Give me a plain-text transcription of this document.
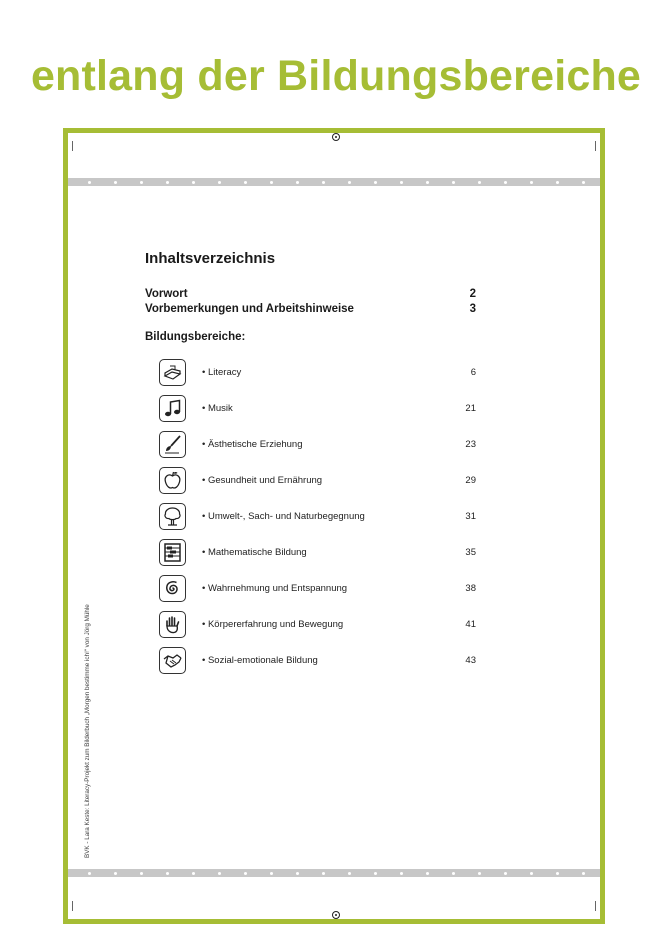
entlang der Bildungsbereiche
Inhaltsverzeichnis
Vorwort	2
Vorbemerkungen und Arbeitshinweise	3
Bildungsbereiche:
• Literacy	6
• Musik	21
• Ästhetische Erziehung	23
• Gesundheit und Ernährung	29
• Umwelt-, Sach- und Naturbegegnung	31
• Mathematische Bildung	35
• Wahrnehmung und Entspannung	38
• Körpererfahrung und Bewegung	41
• Sozial-emotionale Bildung	43
BVK - Lara Keste: Literacy-Projekt zum Bilderbuch „Morgen bestimme ich!“ von Jörg Mühle
